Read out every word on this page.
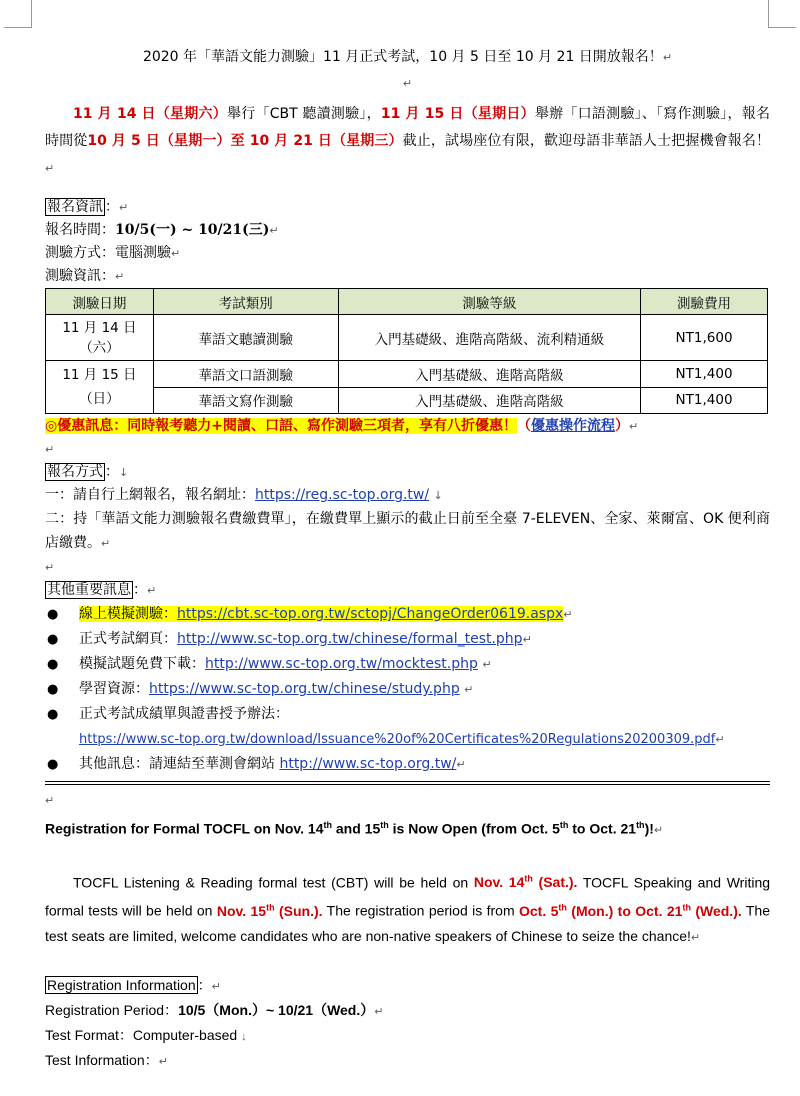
2020 年「華語文能力測驗」11 月正式考試，10 月 5 日至 10 月 21 日開放報名！↵
↵

11 月 14 日（星期六）舉行「CBT 聽讀測驗」，11 月 15 日（星期日）舉辦「口語測驗」、「寫作測驗」，報名時間從10 月 5 日（星期一）至 10 月 21 日（星期三）截止，試場座位有限，歡迎母語非華語人士把握機會報名！↵

報名資訊 ：↵
報名時間：10/5(一) ~ 10/21(三)↵
測驗方式：電腦測驗↵
測驗資訊：↵
測驗日期	考試類別	測驗等級	測驗費用
11 月 14 日（六）	華語文聽讀測驗	入門基礎級、進階高階級、流利精通級	NT1,600
11 月 15 日（日）	華語文口語測驗	入門基礎級、進階高階級	NT1,400
	華語文寫作測驗	入門基礎級、進階高階級	NT1,400
◎優惠訊息：同時報考聽力+閱讀、口語、寫作測驗三項者，享有八折優惠！（優惠操作流程）↵
↵
報名方式 ：↓
一：請自行上網報名，報名網址：https://reg.sc-top.org.tw/ ↓

二：持「華語文能力測驗報名費繳費單」，在繳費單上顯示的截止日前至全臺 7-ELEVEN、全家、萊爾富、OK 便利商店繳費。↵

↵
其他重要訊息 ：↵
● 線上模擬測驗：https://cbt.sc-top.org.tw/sctopj/ChangeOrder0619.aspx↵
● 正式考試網頁：http://www.sc-top.org.tw/chinese/formal_test.php↵
● 模擬試題免費下載：http://www.sc-top.org.tw/mocktest.php ↵
● 學習資源：https://www.sc-top.org.tw/chinese/study.php ↵
● 正式考試成績單與證書授予辦法：
https://www.sc-top.org.tw/download/Issuance%20of%20Certificates%20Regulations20200309.pdf↵
● 其他訊息：請連結至華測會網站 http://www.sc-top.org.tw/↵
↵
Registration for Formal TOCFL on Nov. 14th and 15th is Now Open (from Oct. 5th to Oct. 21th)!↵

TOCFL Listening & Reading formal test (CBT) will be held on Nov. 14th (Sat.). TOCFL Speaking and Writing formal tests will be held on Nov. 15th (Sun.). The registration period is from Oct. 5th (Mon.) to Oct. 21th (Wed.). The test seats are limited, welcome candidates who are non-native speakers of Chinese to seize the chance!↵

Registration Information ：↵
Registration Period：10/5（Mon.）~ 10/21（Wed.）↵
Test Format：Computer-based ↓
Test Information：↵
